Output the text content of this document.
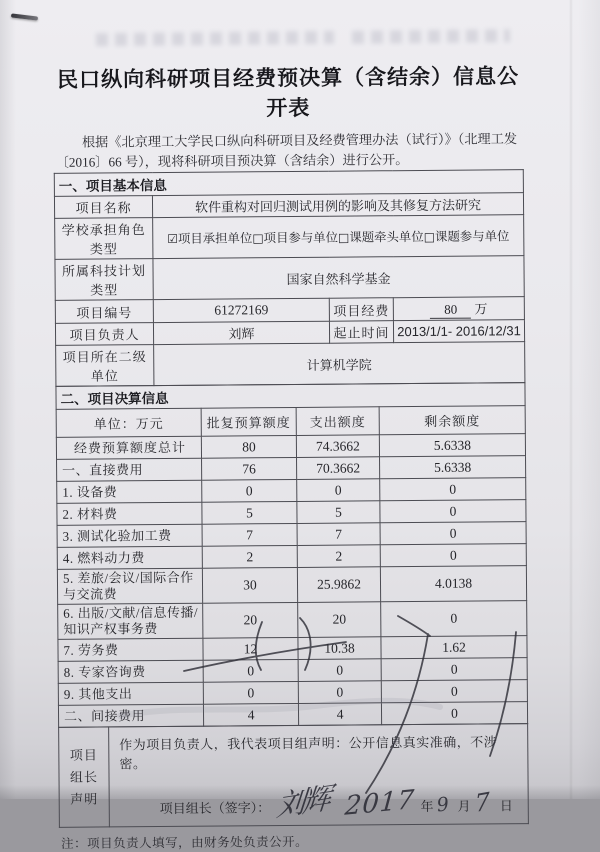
民口纵向科研项目经费预决算（含结余）信息公开表

根据《北京理工大学民口纵向科研项目及经费管理办法（试行）》（北理工发〔2016〕66 号），现将科研项目预决算（含结余）进行公开。

一、项目基本信息			
项目名称	软件重构对回归测试用例的影响及其修复方法研究		
学校承担角色类型	☑项目承担单位□项目参与单位□课题牵头单位□课题参与单位		
所属科技计划类型	国家自然科学基金		
项目编号	61272169	项目经费	80 万
项目负责人	刘辉	起止时间	2013/1/1- 2016/12/31
项目所在二级单位	计算机学院		
二、项目决算信息			
单位：万元	批复预算额度	支出额度	剩余额度
经费预算额度总计	80	74.3662	5.6338
一、直接费用	76	70.3662	5.6338
1. 设备费	0	0	0
2. 材料费	5	5	0
3. 测试化验加工费	7	7	0
4. 燃料动力费	2	2	0
5. 差旅/会议/国际合作与交流费	30	25.9862	4.0138
6. 出版/文献/信息传播/知识产权事务费	20	20	0
7. 劳务费	12	10.38	1.62
8. 专家咨询费	0	0	0
9. 其他支出	0	0	0
二、间接费用	4	4	0
项目组长声明	
作为项目负责人，我代表项目组声明：公开信息真实准确，不涉密。
项目组长（签字）： 刘辉 2017 年 9 月 7 日
注：项目负责人填写，由财务处负责公开。
